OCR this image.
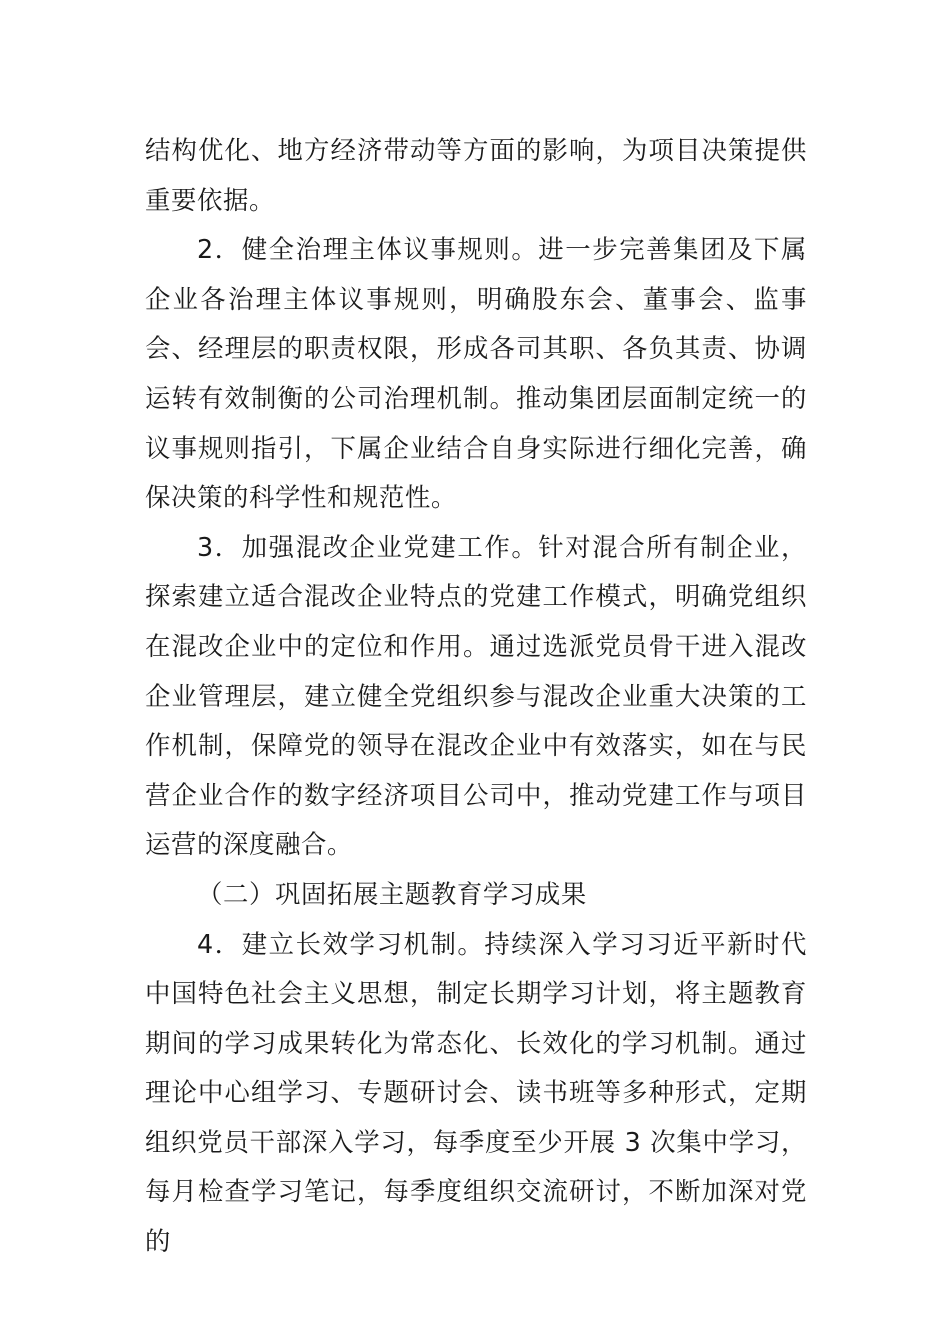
结构优化、地方经济带动等方面的影响，为项目决策提供重要依据。

2．健全治理主体议事规则。进一步完善集团及下属企业各治理主体议事规则，明确股东会、董事会、监事会、经理层的职责权限，形成各司其职、各负其责、协调运转有效制衡的公司治理机制。推动集团层面制定统一的议事规则指引，下属企业结合自身实际进行细化完善，确保决策的科学性和规范性。

3．加强混改企业党建工作。针对混合所有制企业，探索建立适合混改企业特点的党建工作模式，明确党组织在混改企业中的定位和作用。通过选派党员骨干进入混改企业管理层，建立健全党组织参与混改企业重大决策的工作机制，保障党的领导在混改企业中有效落实，如在与民营企业合作的数字经济项目公司中，推动党建工作与项目运营的深度融合。

（二）巩固拓展主题教育学习成果

4．建立长效学习机制。持续深入学习习近平新时代中国特色社会主义思想，制定长期学习计划，将主题教育期间的学习成果转化为常态化、长效化的学习机制。通过理论中心组学习、专题研讨会、读书班等多种形式，定期组织党员干部深入学习，每季度至少开展 3 次集中学习，每月检查学习笔记，每季度组织交流研讨，不断加深对党的
